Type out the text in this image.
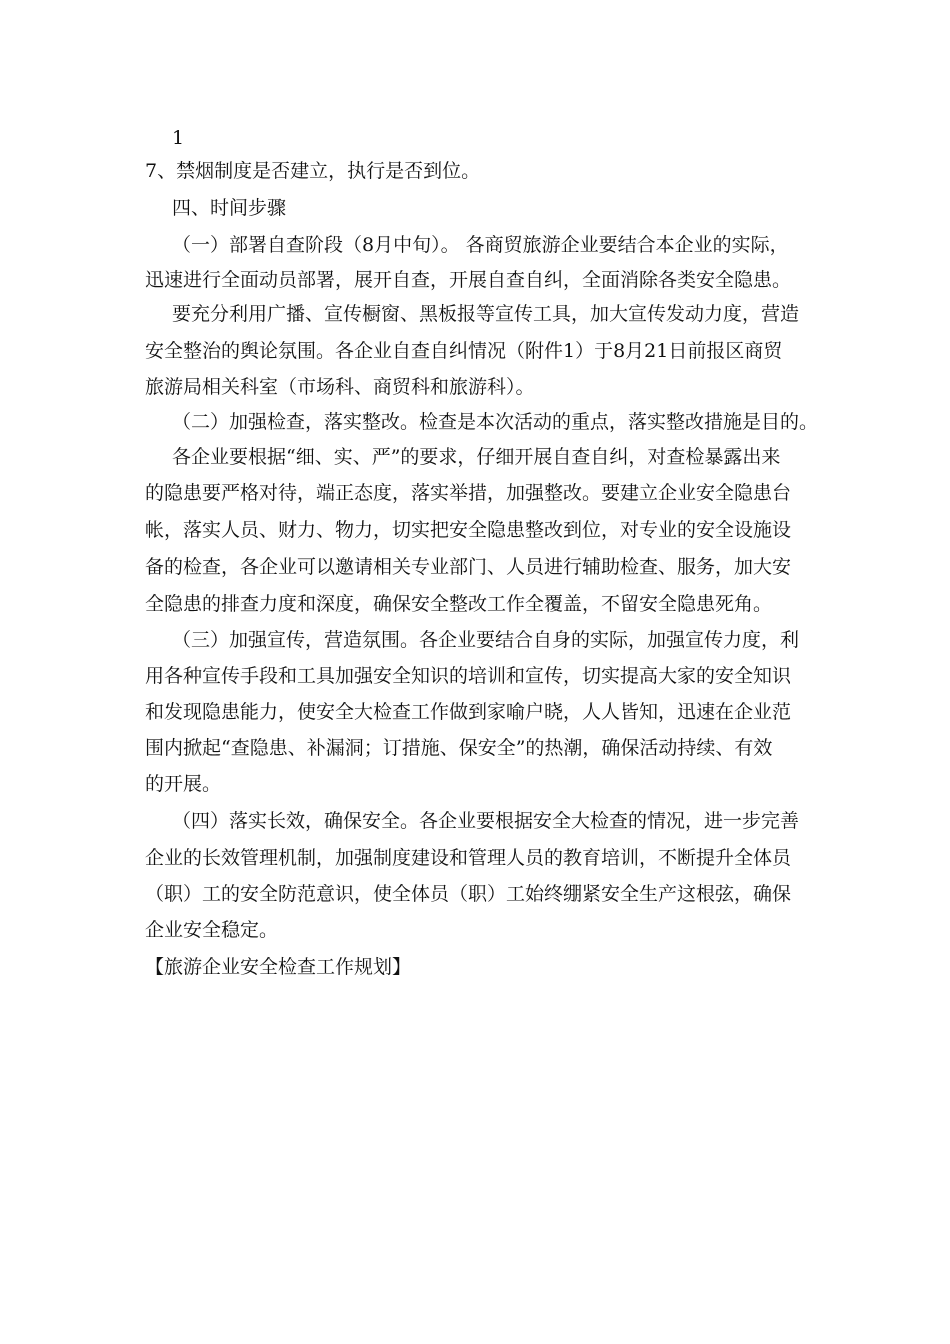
1
7、禁烟制度是否建立，执行是否到位。
四、时间步骤
（一）部署自查阶段（8月中旬）。 各商贸旅游企业要结合本企业的实际，
迅速进行全面动员部署，展开自查，开展自查自纠，全面消除各类安全隐患。
要充分利用广播、宣传橱窗、黑板报等宣传工具，加大宣传发动力度，营造
安全整治的舆论氛围。各企业自查自纠情况（附件1）于8月21日前报区商贸
旅游局相关科室（市场科、商贸科和旅游科）。
（二）加强检查，落实整改。检查是本次活动的重点，落实整改措施是目的。
各企业要根据“细、实、严”的要求，仔细开展自查自纠，对查检暴露出来
的隐患要严格对待，端正态度，落实举措，加强整改。要建立企业安全隐患台
帐，落实人员、财力、物力，切实把安全隐患整改到位，对专业的安全设施设
备的检查，各企业可以邀请相关专业部门、人员进行辅助检查、服务，加大安
全隐患的排查力度和深度，确保安全整改工作全覆盖，不留安全隐患死角。
（三）加强宣传，营造氛围。各企业要结合自身的实际，加强宣传力度，利
用各种宣传手段和工具加强安全知识的培训和宣传，切实提高大家的安全知识
和发现隐患能力，使安全大检查工作做到家喻户晓，人人皆知，迅速在企业范
围内掀起“查隐患、补漏洞；订措施、保安全”的热潮，确保活动持续、有效
的开展。
（四）落实长效，确保安全。各企业要根据安全大检查的情况，进一步完善
企业的长效管理机制，加强制度建设和管理人员的教育培训，不断提升全体员
（职）工的安全防范意识，使全体员（职）工始终绷紧安全生产这根弦，确保
企业安全稳定。
【旅游企业安全检查工作规划】
